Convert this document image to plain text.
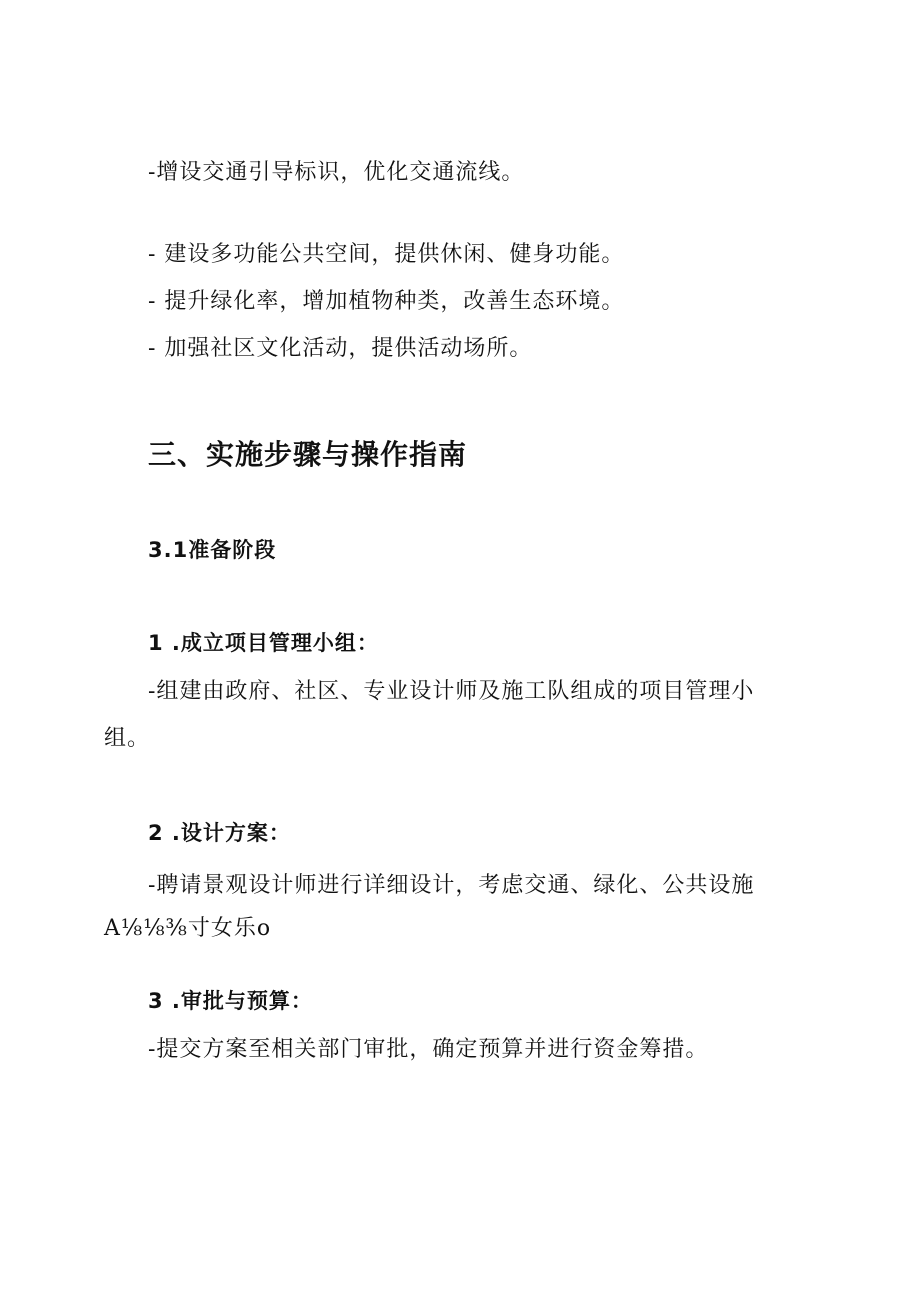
-增设交通引导标识，优化交通流线。
- 建设多功能公共空间，提供休闲、健身功能。
- 提升绿化率，增加植物种类，改善生态环境。
- 加强社区文化活动，提供活动场所。
三、实施步骤与操作指南
3.1准备阶段
1 .成立项目管理小组：
-组建由政府、社区、专业设计师及施工队组成的项目管理小
组。
2 .设计方案：
-聘请景观设计师进行详细设计，考虑交通、绿化、公共设施
A⅛⅛⅜寸女乐o
3 .审批与预算：
-提交方案至相关部门审批，确定预算并进行资金筹措。
